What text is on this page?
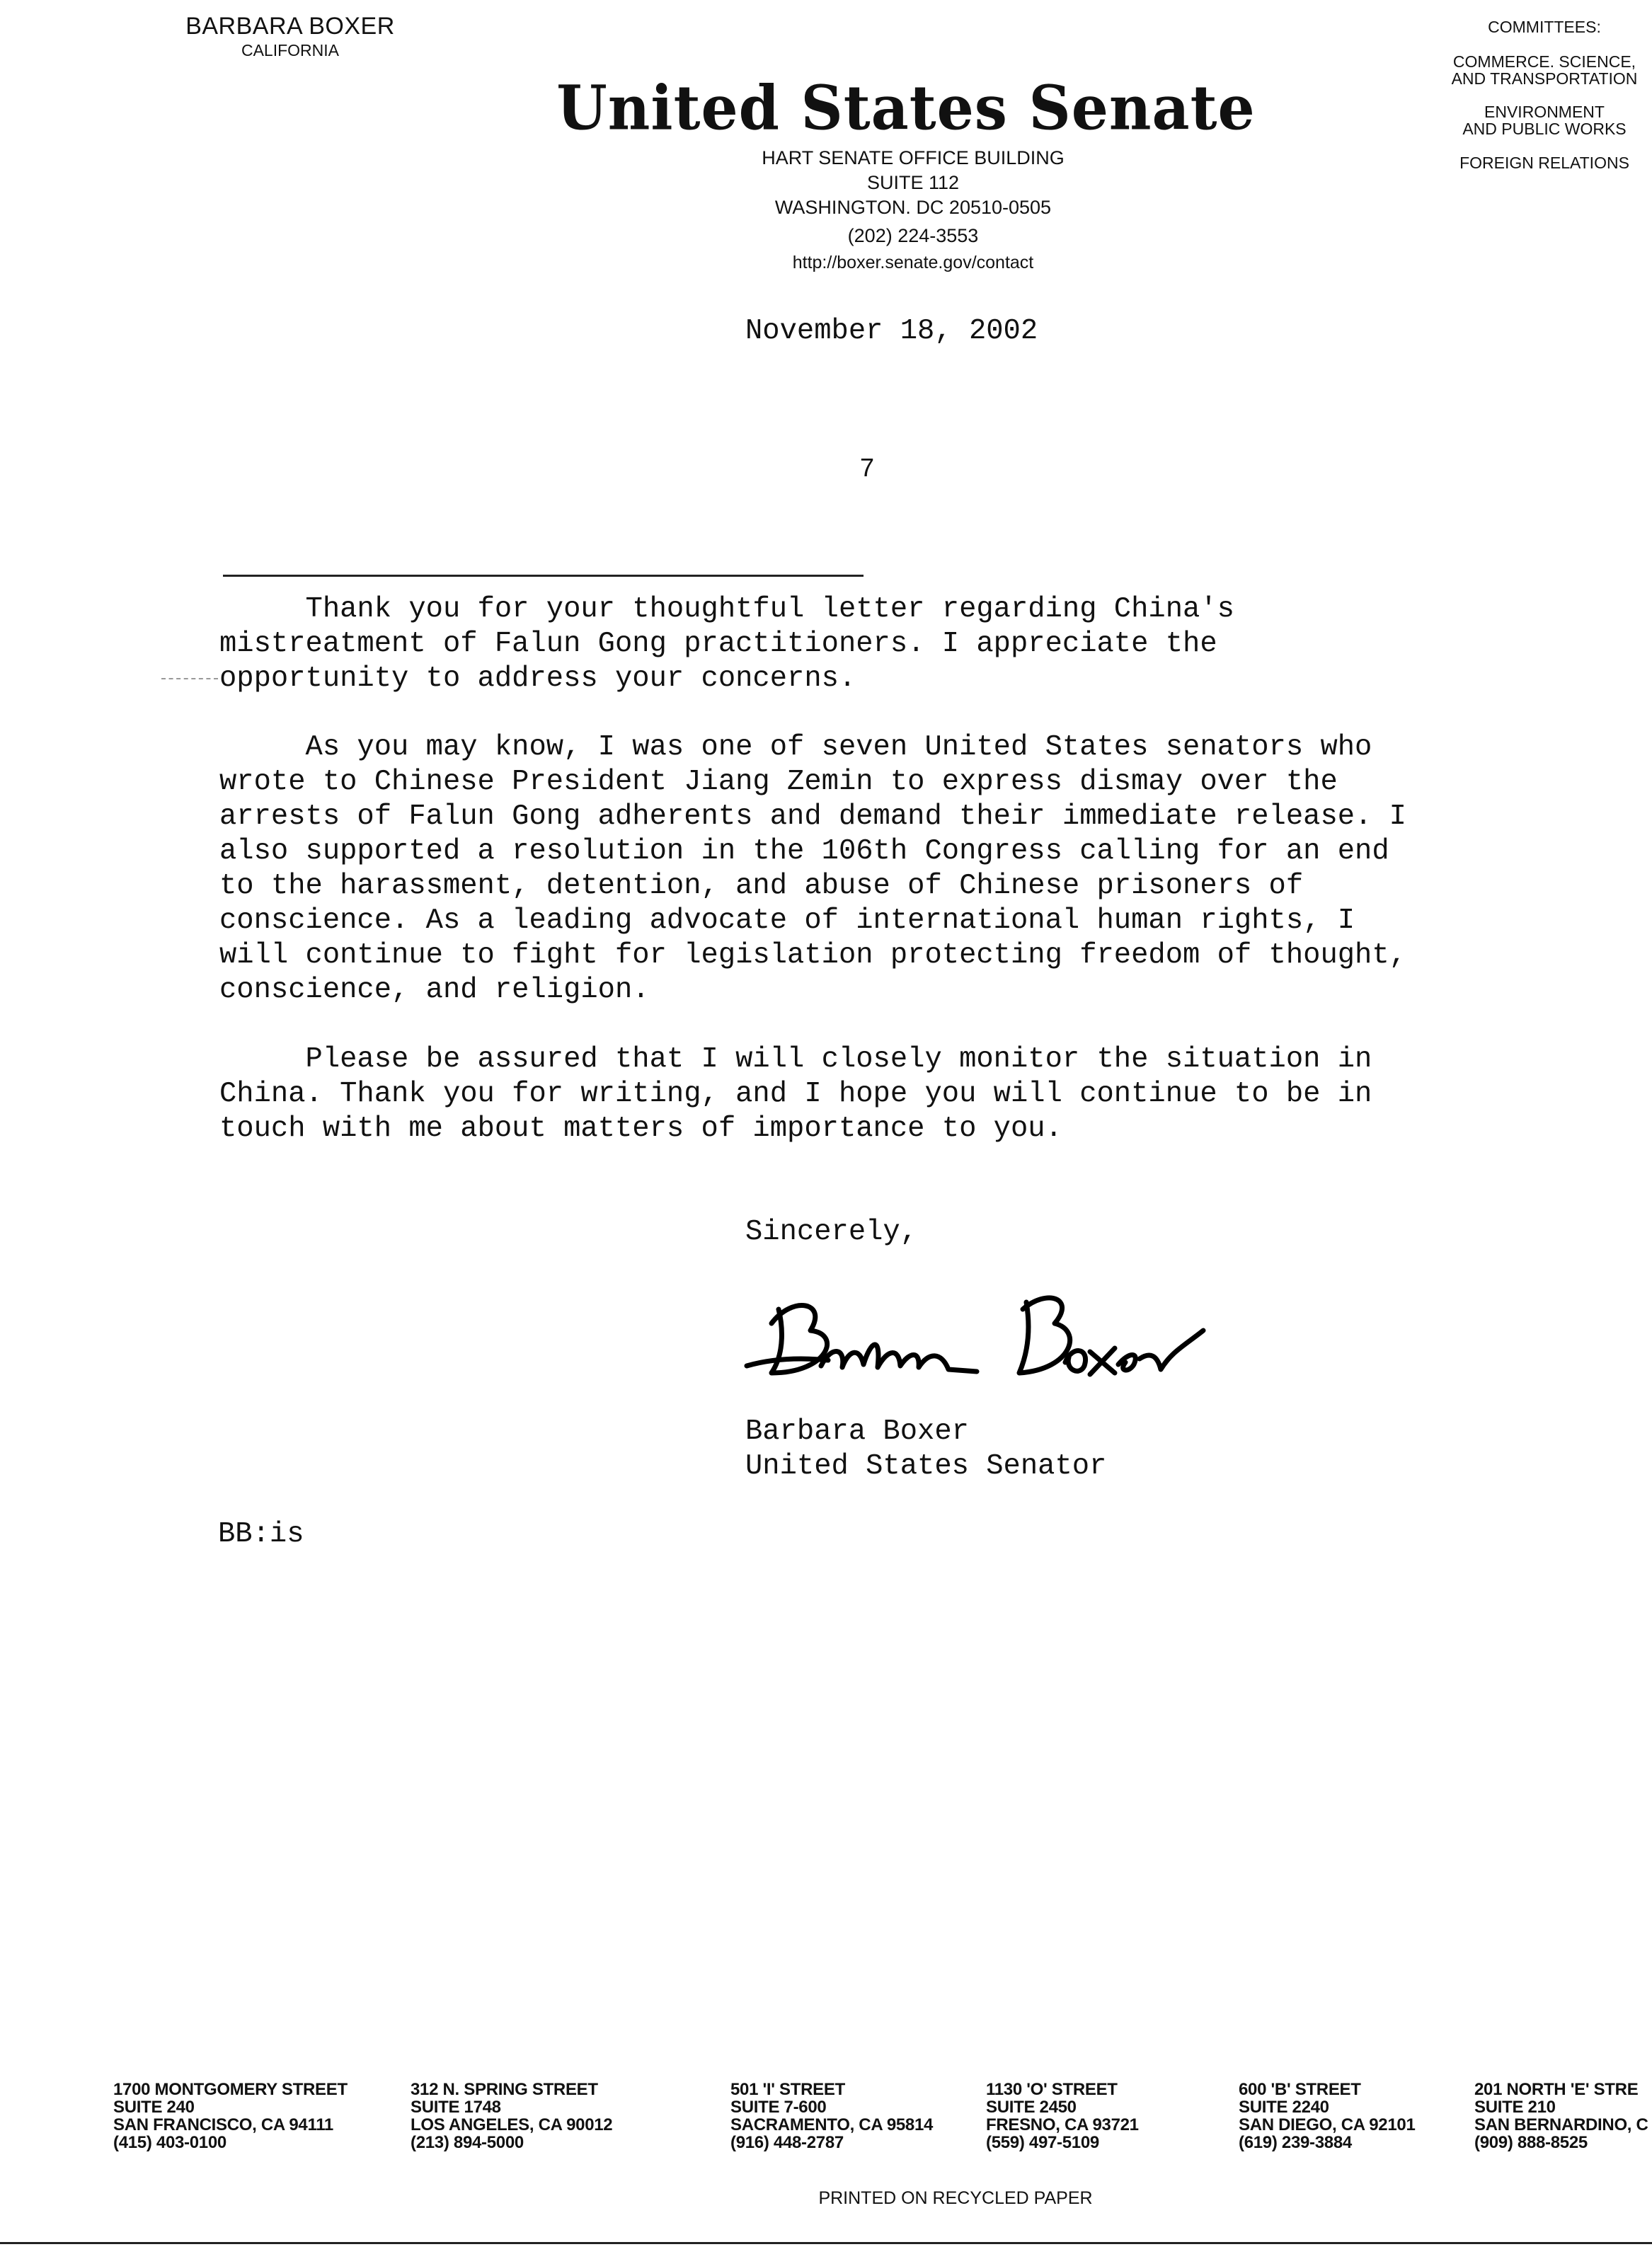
BARBARA BOXER
CALIFORNIA
United States Senate
HART SENATE OFFICE BUILDING
SUITE 112
WASHINGTON. DC 20510-0505
(202) 224-3553
http://boxer.senate.gov/contact
COMMITTEES:
COMMERCE. SCIENCE,
AND TRANSPORTATION
ENVIRONMENT
AND PUBLIC WORKS
FOREIGN RELATIONS
November 18, 2002
7
Thank you for your thoughtful letter regarding China's
mistreatment of Falun Gong practitioners. I appreciate the
opportunity to address your concerns.
As you may know, I was one of seven United States senators who
wrote to Chinese President Jiang Zemin to express dismay over the
arrests of Falun Gong adherents and demand their immediate release. I
also supported a resolution in the 106th Congress calling for an end
to the harassment, detention, and abuse of Chinese prisoners of
conscience. As a leading advocate of international human rights, I
will continue to fight for legislation protecting freedom of thought,
conscience, and religion.
Please be assured that I will closely monitor the situation in
China. Thank you for writing, and I hope you will continue to be in
touch with me about matters of importance to you.
Sincerely,
Barbara Boxer
United States Senator
BB:is
1700 MONTGOMERY STREET
SUITE 240
SAN FRANCISCO, CA 94111
(415) 403-0100
312 N. SPRING STREET
SUITE 1748
LOS ANGELES, CA 90012
(213) 894-5000
501 'I' STREET
SUITE 7-600
SACRAMENTO, CA 95814
(916) 448-2787
1130 'O' STREET
SUITE 2450
FRESNO, CA 93721
(559) 497-5109
600 'B' STREET
SUITE 2240
SAN DIEGO, CA 92101
(619) 239-3884
201 NORTH 'E' STRE
SUITE 210
SAN BERNARDINO, C
(909) 888-8525
PRINTED ON RECYCLED PAPER
